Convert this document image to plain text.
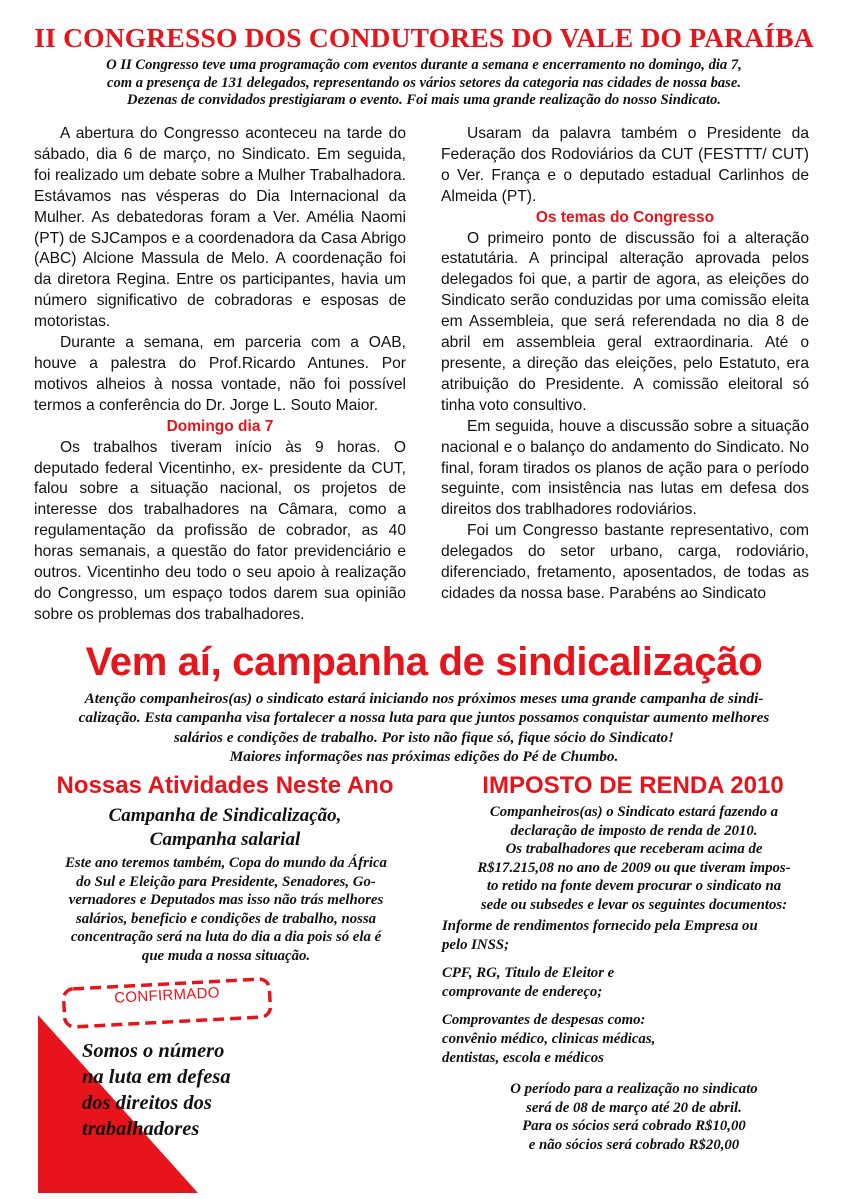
II CONGRESSO DOS CONDUTORES DO VALE DO PARAÍBA
O II Congresso teve uma programação com eventos durante a semana e encerramento no domingo, dia 7,
com a presença de 131 delegados, representando os vários setores da categoria nas cidades de nossa base.
Dezenas de convidados prestigiaram o evento. Foi mais uma grande realização do nosso Sindicato.

A abertura do Congresso aconteceu na tarde do sábado, dia 6 de março, no Sindicato. Em seguida, foi realizado um debate sobre a Mulher Trabalhadora. Estávamos nas vésperas do Dia Internacional da Mulher. As debatedoras foram a Ver. Amélia Naomi (PT) de SJCampos e a coordenadora da Casa Abrigo (ABC) Alcione Massula de Melo. A coordenação foi da diretora Regina. Entre os participantes, havia um número significativo de cobradoras e esposas de motoristas.

Durante a semana, em parceria com a OAB, houve a palestra do Prof.Ricardo Antunes. Por motivos alheios à nossa vontade, não foi possível termos a conferência do Dr. Jorge L. Souto Maior.

Domingo dia 7

Os trabalhos tiveram início às 9 horas. O deputado federal Vicentinho, ex- presidente da CUT, falou sobre a situação nacional, os projetos de interesse dos trabalhadores na Câmara, como a regulamentação da profissão de cobrador, as 40 horas semanais, a questão do fator previdenciário e outros. Vicentinho deu todo o seu apoio à realização do Congresso, um espaço todos darem sua opinião sobre os problemas dos trabalhadores.

Usaram da palavra também o Presidente da Federação dos Rodoviários da CUT (FESTTT/ CUT) o Ver. França e o deputado estadual Carlinhos de Almeida (PT).

Os temas do Congresso

O primeiro ponto de discussão foi a alteração estatutária. A principal alteração aprovada pelos delegados foi que, a partir de agora, as eleições do Sindicato serão conduzidas por uma comissão eleita em Assembleia, que será referendada no dia 8 de abril em assembleia geral extraordinaria. Até o presente, a direção das eleições, pelo Estatuto, era atribuição do Presidente. A comissão eleitoral só tinha voto consultivo.

Em seguida, houve a discussão sobre a situação nacional e o balanço do andamento do Sindicato. No final, foram tirados os planos de ação para o período seguinte, com insistência nas lutas em defesa dos direitos dos trablhadores rodoviários.

Foi um Congresso bastante representativo, com delegados do setor urbano, carga, rodoviário, diferenciado, fretamento, aposentados, de todas as cidades da nossa base. Parabéns ao Sindicato

Vem aí, campanha de sindicalização
Atenção companheiros(as) o sindicato estará iniciando nos próximos meses uma grande campanha de sindi-
calização. Esta campanha visa fortalecer a nossa luta para que juntos possamos conquistar aumento melhores
salários e condições de trabalho. Por isto não fique só, fique sócio do Sindicato!
Maiores informações nas próximas edições do Pé de Chumbo.
Nossas Atividades Neste Ano
Campanha de Sindicalização,
Campanha salarial
Este ano teremos também, Copa do mundo da África
do Sul e Eleição para Presidente, Senadores, Go-
vernadores e Deputados mas isso não trás melhores
salários, beneficio e condições de trabalho, nossa
concentração será na luta do dia a dia pois só ela é
que muda a nossa situação.
CONFIRMADO
Somos o número
na luta em defesa
dos direitos dos
trabalhadores
IMPOSTO DE RENDA 2010
Companheiros(as) o Sindicato estará fazendo a
declaração de imposto de renda de 2010.
Os trabalhadores que receberam acima de
R$17.215,08 no ano de 2009 ou que tiveram impos-
to retido na fonte devem procurar o sindicato na
sede ou subsedes e levar os seguintes documentos:

Informe de rendimentos fornecido pela Empresa ou
pelo INSS;

CPF, RG, Titulo de Eleitor e
comprovante de endereço;

Comprovantes de despesas como:
convênio médico, clinicas médicas,
dentistas, escola e médicos

O período para a realização no sindicato
será de 08 de março até 20 de abril.
Para os sócios será cobrado R$10,00
e não sócios será cobrado R$20,00
